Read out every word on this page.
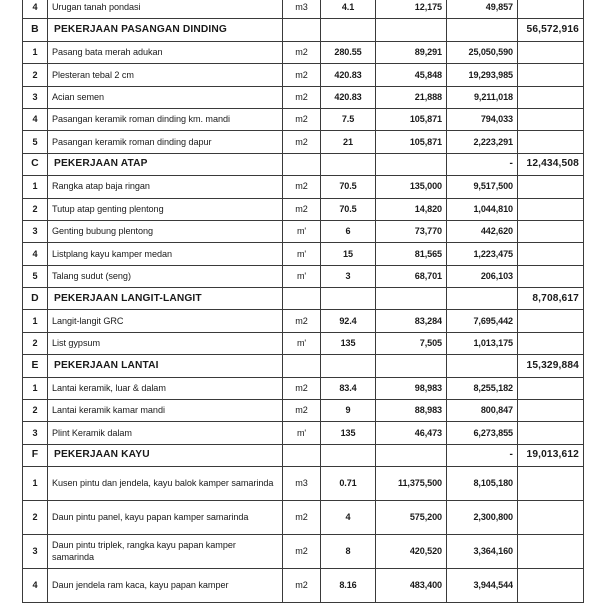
4	Urugan tanah pondasi	m3	4.1	12,175	49,857	
B	PEKERJAAN PASANGAN DINDING					56,572,916
1	Pasang bata merah adukan	m2	280.55	89,291	25,050,590	
2	Plesteran tebal 2 cm	m2	420.83	45,848	19,293,985	
3	Acian semen	m2	420.83	21,888	9,211,018	
4	Pasangan keramik roman dinding km. mandi	m2	7.5	105,871	794,033	
5	Pasangan keramik roman dinding dapur	m2	21	105,871	2,223,291	
C	PEKERJAAN ATAP				-	12,434,508
1	Rangka atap baja ringan	m2	70.5	135,000	9,517,500	
2	Tutup atap genting plentong	m2	70.5	14,820	1,044,810	
3	Genting bubung plentong	m'	6	73,770	442,620	
4	Listplang kayu kamper medan	m'	15	81,565	1,223,475	
5	Talang sudut (seng)	m'	3	68,701	206,103	
D	PEKERJAAN LANGIT-LANGIT					8,708,617
1	Langit-langit GRC	m2	92.4	83,284	7,695,442	
2	List gypsum	m'	135	7,505	1,013,175	
E	PEKERJAAN LANTAI					15,329,884
1	Lantai keramik, luar & dalam	m2	83.4	98,983	8,255,182	
2	Lantai keramik kamar mandi	m2	9	88,983	800,847	
3	Plint Keramik dalam	m'	135	46,473	6,273,855	
F	PEKERJAAN KAYU				-	19,013,612
1	Kusen pintu dan jendela, kayu balok kamper samarinda	m3	0.71	11,375,500	8,105,180	
2	Daun pintu panel, kayu papan kamper samarinda	m2	4	575,200	2,300,800	
3	Daun pintu triplek, rangka kayu papan kamper samarinda	m2	8	420,520	3,364,160	
4	Daun jendela ram kaca, kayu papan kamper	m2	8.16	483,400	3,944,544	
